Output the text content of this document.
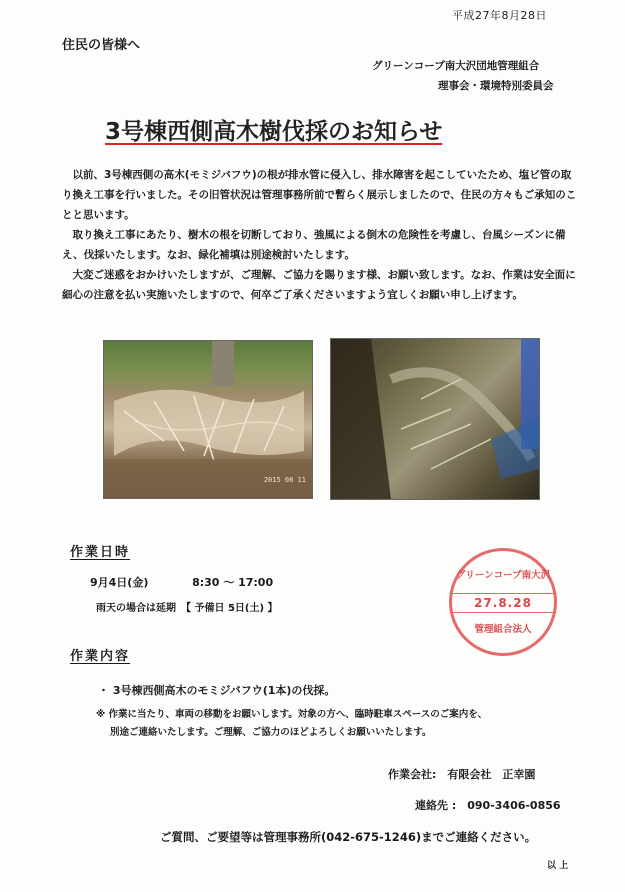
平成27年8月28日
住民の皆様へ
グリーンコープ南大沢団地管理組合
理事会・環境特別委員会
3号棟西側高木樹伐採のお知らせ

以前、3号棟西側の高木(モミジバフウ)の根が排水管に侵入し、排水障害を起こしていたため、塩ビ管の取り換え工事を行いました。その旧管状況は管理事務所前で暫らく展示しましたので、住民の方々もご承知のことと思います。

取り換え工事にあたり、樹木の根を切断しており、強風による倒木の危険性を考慮し、台風シーズンに備え、伐採いたします。なお、緑化補填は別途検討いたします。

大変ご迷惑をおかけいたしますが、ご理解、ご協力を賜ります様、お願い致します。なお、作業は安全面に細心の注意を払い実施いたしますので、何卒ご了承くださいますよう宜しくお願い申し上げます。

2015 08 11
作業日時
9月4日(金)	8:30 〜 17:00
雨天の場合は延期　【 予備日 5日(土) 】
作業内容
・ 3号棟西側高木のモミジバフウ(1本)の伐採。
※ 作業に当たり、車両の移動をお願いします。対象の方へ、臨時駐車スペースのご案内を、
別途ご連絡いたします。ご理解、ご協力のほどよろしくお願いいたします。
作業会社:　有限会社　正幸園
連絡先 :　090-3406-0856
ご質問、ご要望等は管理事務所(042-675-1246)までご連絡ください。
以 上
グリーンコープ南大沢
27.8.28
管理組合法人
